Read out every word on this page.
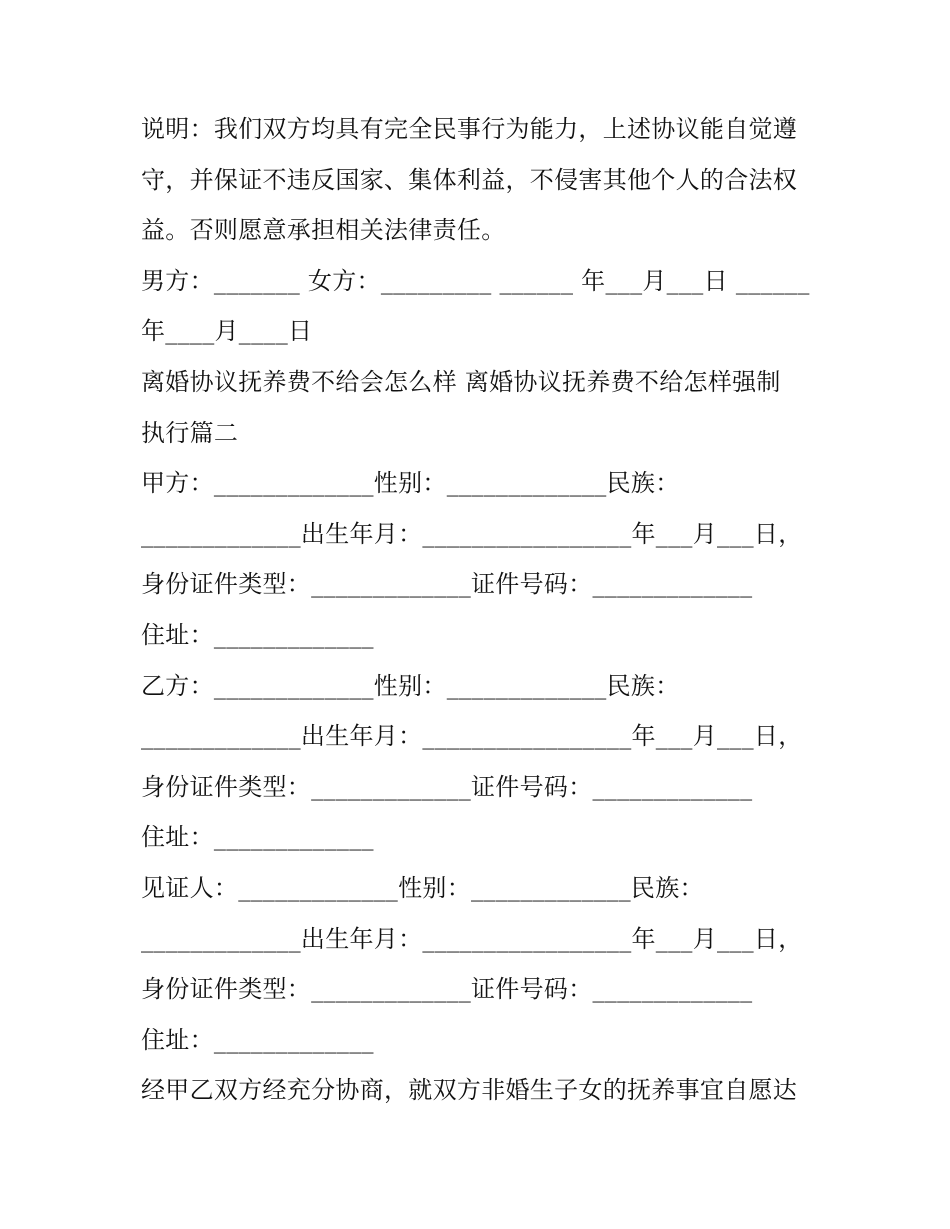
说明：我们双方均具有完全民事行为能力，上述协议能自觉遵
守，并保证不违反国家、集体利益，不侵害其他个人的合法权
益。否则愿意承担相关法律责任。
男方：_______ 女方：_________ ______ 年___月___日 ______
年____月____日
离婚协议抚养费不给会怎么样 离婚协议抚养费不给怎样强制
执行篇二
甲方：_____________性别：_____________民族：
_____________出生年月：_________________年___月___日，
身份证件类型：_____________证件号码：_____________
住址：_____________
乙方：_____________性别：_____________民族：
_____________出生年月：_________________年___月___日，
身份证件类型：_____________证件号码：_____________
住址：_____________
见证人：_____________性别：_____________民族：
_____________出生年月：_________________年___月___日，
身份证件类型：_____________证件号码：_____________
住址：_____________
经甲乙双方经充分协商，就双方非婚生子女的抚养事宜自愿达
